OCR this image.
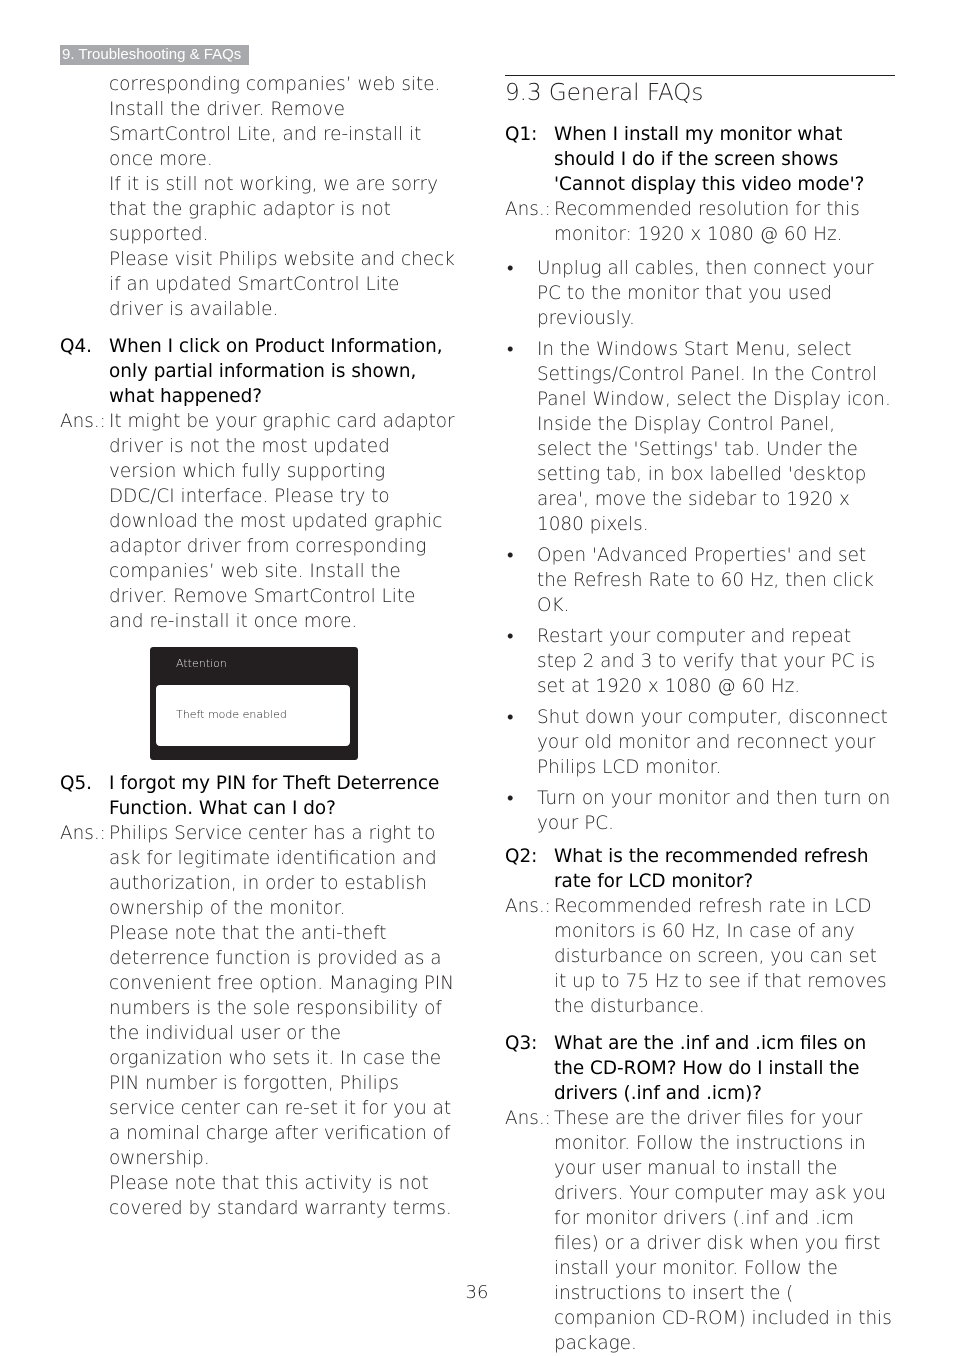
9. Troubleshooting & FAQs

corresponding companies’ web site.

Install the driver. Remove SmartControl Lite, and re-install it once more.

If it is still not working, we are sorry that the graphic adaptor is not supported.

Please visit Philips website and check if an updated SmartControl Lite driver is available.

Q4. When I click on Product Information, only partial information is shown, what happened?
Ans.: It might be your graphic card adaptor driver is not the most updated version which fully supporting DDC/CI interface. Please try to download the most updated graphic adaptor driver from corresponding companies’ web site. Install the driver. Remove SmartControl Lite and re-install it once more.
Attention
Theft mode enabled
Q5. I forgot my PIN for Theft Deterrence Function. What can I do?
Ans.: Philips Service center has a right to ask for legitimate identification and authorization, in order to establish ownership of the monitor.

Please note that the anti-theft deterrence function is provided as a convenient free option. Managing PIN numbers is the sole responsibility of the individual user or the organization who sets it. In case the PIN number is forgotten, Philips service center can re-set it for you at a nominal charge after verification of ownership.

Please note that this activity is not covered by standard warranty terms.

9.3 General FAQs
Q1: When I install my monitor what should I do if the screen shows 'Cannot display this video mode'?
Ans.: Recommended resolution for this monitor: 1920 x 1080 @ 60 Hz.
• Unplug all cables, then connect your PC to the monitor that you used previously.
• In the Windows Start Menu, select Settings/Control Panel. In the Control Panel Window, select the Display icon. Inside the Display Control Panel, select the 'Settings' tab. Under the setting tab, in box labelled 'desktop area', move the sidebar to 1920 x 1080 pixels.
• Open 'Advanced Properties' and set the Refresh Rate to 60 Hz, then click OK.
• Restart your computer and repeat step 2 and 3 to verify that your PC is set at 1920 x 1080 @ 60 Hz.
• Shut down your computer, disconnect your old monitor and reconnect your Philips LCD monitor.
• Turn on your monitor and then turn on your PC.
Q2: What is the recommended refresh rate for LCD monitor?
Ans.: Recommended refresh rate in LCD monitors is 60 Hz, In case of any disturbance on screen, you can set it up to 75 Hz to see if that removes the disturbance.
Q3: What are the .inf and .icm files on the CD-ROM? How do I install the drivers (.inf and .icm)?
Ans.: These are the driver files for your monitor. Follow the instructions in your user manual to install the drivers. Your computer may ask you for monitor drivers (.inf and .icm files) or a driver disk when you first install your monitor. Follow the instructions to insert the ( companion CD-ROM) included in this package.
36
